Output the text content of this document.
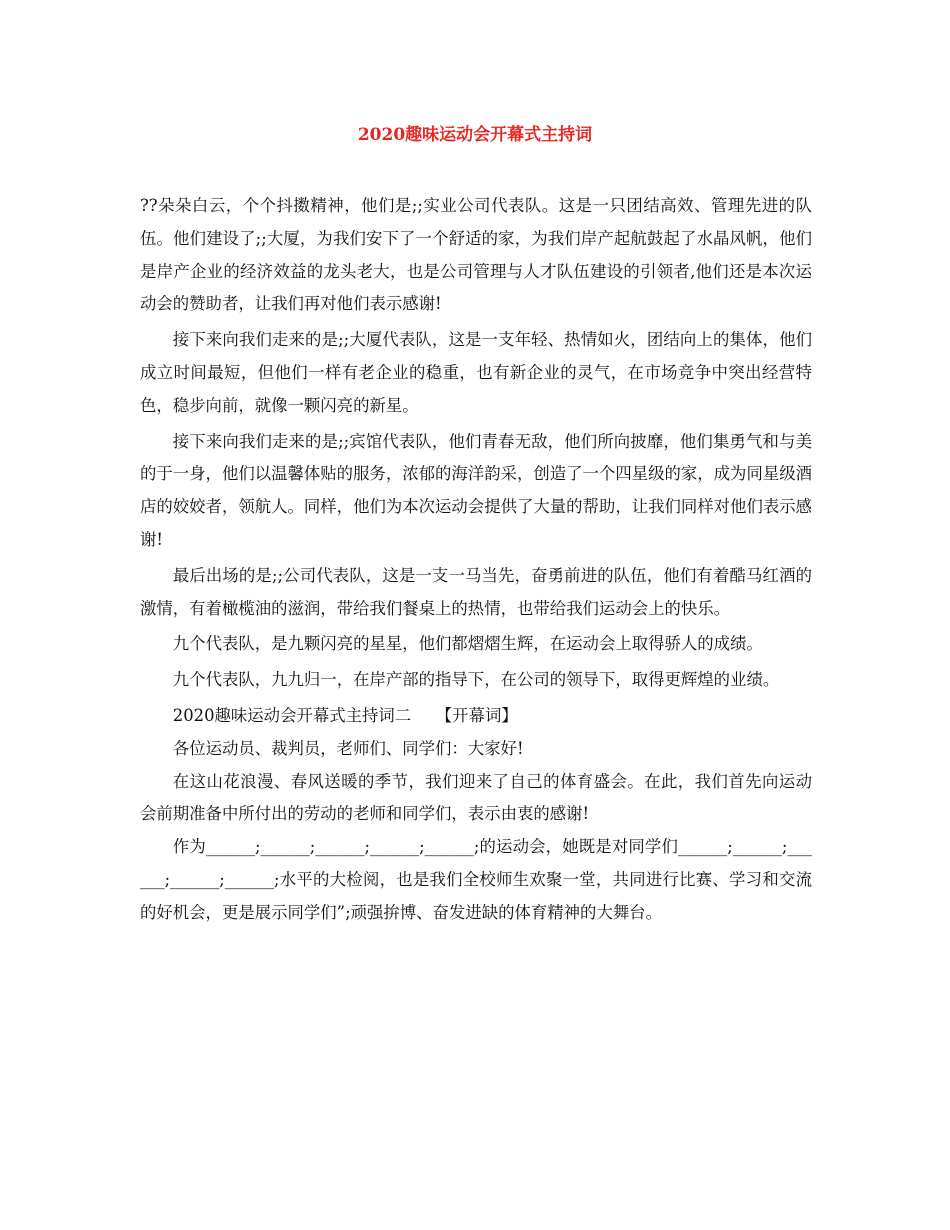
2020趣味运动会开幕式主持词

??朵朵白云，个个抖擞精神，他们是;;实业公司代表队。这是一只团结高效、管理先进的队伍。他们建设了;;大厦，为我们安下了一个舒适的家，为我们岸产起航鼓起了水晶风帆，他们是岸产企业的经济效益的龙头老大，也是公司管理与人才队伍建设的引领者,他们还是本次运动会的赞助者，让我们再对他们表示感谢!

接下来向我们走来的是;;大厦代表队，这是一支年轻、热情如火，团结向上的集体，他们成立时间最短，但他们一样有老企业的稳重，也有新企业的灵气，在市场竞争中突出经营特色，稳步向前，就像一颗闪亮的新星。

接下来向我们走来的是;;宾馆代表队，他们青春无敌，他们所向披靡，他们集勇气和与美的于一身，他们以温馨体贴的服务，浓郁的海洋韵采，创造了一个四星级的家，成为同星级酒店的姣姣者，领航人。同样，他们为本次运动会提供了大量的帮助，让我们同样对他们表示感谢!

最后出场的是;;公司代表队，这是一支一马当先，奋勇前进的队伍，他们有着酷马红酒的激情，有着橄榄油的滋润，带给我们餐桌上的热情，也带给我们运动会上的快乐。

九个代表队，是九颗闪亮的星星，他们都熠熠生辉，在运动会上取得骄人的成绩。

九个代表队，九九归一，在岸产部的指导下，在公司的领导下，取得更辉煌的业绩。

2020趣味运动会开幕式主持词二　　【开幕词】

各位运动员、裁判员，老师们、同学们：大家好!

在这山花浪漫、春风送暖的季节，我们迎来了自己的体育盛会。在此，我们首先向运动会前期准备中所付出的劳动的老师和同学们，表示由衷的感谢!

作为______;______;______;______;______;的运动会，她既是对同学们______;______;______;______;______;水平的大检阅，也是我们全校师生欢聚一堂，共同进行比赛、学习和交流的好机会，更是展示同学们”;顽强拚博、奋发进缺的体育精神的大舞台。
